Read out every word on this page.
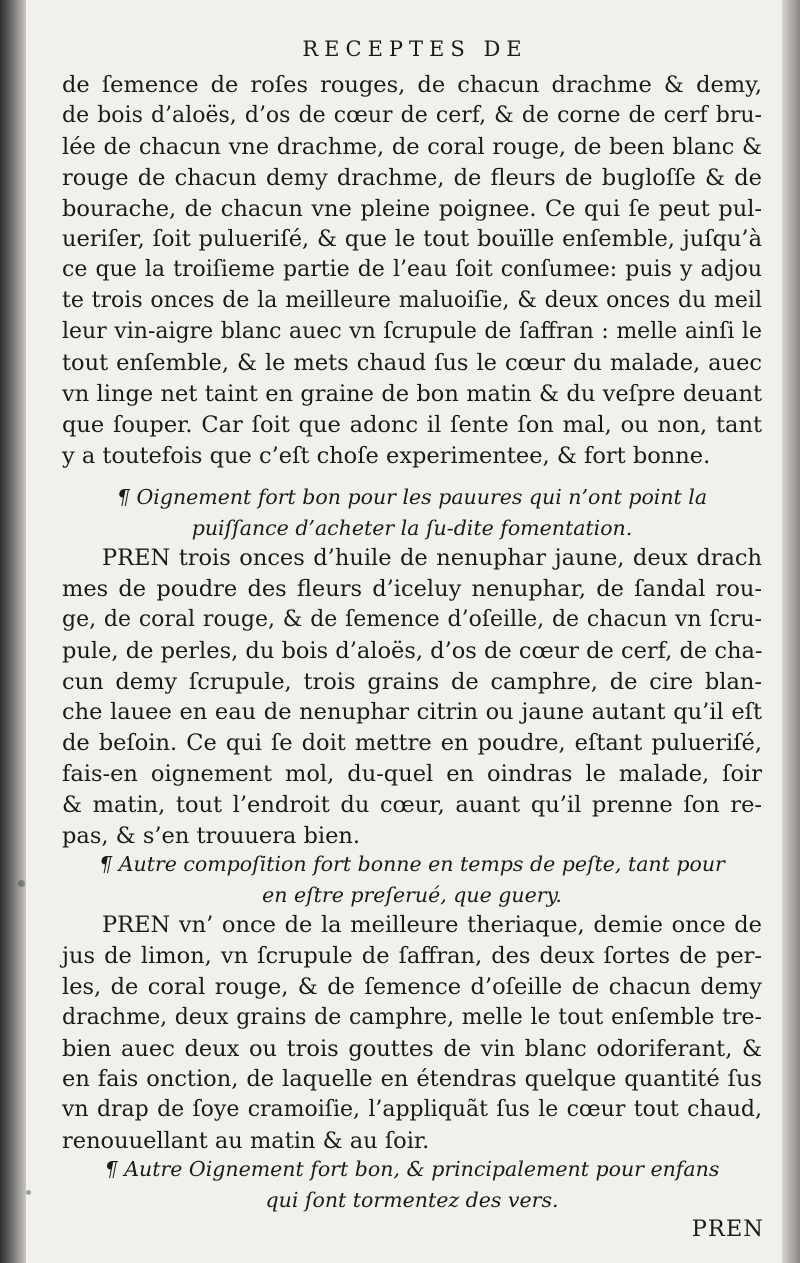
RECEPTES DE
de ſemence de roſes rouges, de chacun drachme & demy,
de bois d’aloës, d’os de cœur de cerf, & de corne de cerf bru-
lée de chacun vne drachme, de coral rouge, de been blanc &
rouge de chacun demy drachme, de fleurs de bugloſſe & de
bourache, de chacun vne pleine poignee. Ce qui ſe peut pul-
ueriſer, ſoit pulueriſé, & que le tout bouïlle enſemble, juſqu’à
ce que la troiſieme partie de l’eau ſoit conſumee: puis y adjou
te trois onces de la meilleure maluoiſie, & deux onces du meil
leur vin-aigre blanc auec vn ſcrupule de ſaffran : melle ainſi le
tout enſemble, & le mets chaud ſus le cœur du malade, auec
vn linge net taint en graine de bon matin & du veſpre deuant
que ſouper. Car ſoit que adonc il ſente ſon mal, ou non, tant
y a toutefois que c’eſt choſe experimentee, & fort bonne.
¶ Oignement fort bon pour les pauures qui n’ont point la
puiſſance d’acheter la ſu-dite fomentation.
PREN trois onces d’huile de nenuphar jaune, deux drach
mes de poudre des fleurs d’iceluy nenuphar, de ſandal rou-
ge, de coral rouge, & de ſemence d’oſeille, de chacun vn ſcru-
pule, de perles, du bois d’aloës, d’os de cœur de cerf, de cha-
cun demy ſcrupule, trois grains de camphre, de cire blan-
che lauee en eau de nenuphar citrin ou jaune autant qu’il eſt
de beſoin. Ce qui ſe doit mettre en poudre, eſtant pulueriſé,
fais-en oignement mol, du-quel en oindras le malade, ſoir
& matin, tout l’endroit du cœur, auant qu’il prenne ſon re-
pas, & s’en trouuera bien.
¶ Autre compoſition fort bonne en temps de peſte, tant pour
en eſtre preſerué, que guery.
PREN vn’ once de la meilleure theriaque, demie once de
jus de limon, vn ſcrupule de ſaffran, des deux ſortes de per-
les, de coral rouge, & de ſemence d’oſeille de chacun demy
drachme, deux grains de camphre, melle le tout enſemble tre-
bien auec deux ou trois gouttes de vin blanc odoriferant, &
en fais onction, de laquelle en étendras quelque quantité ſus
vn drap de ſoye cramoiſie, l’appliquãt ſus le cœur tout chaud,
renouuellant au matin & au ſoir.
¶ Autre Oignement fort bon, & principalement pour enfans
qui ſont tormentez des vers.
PREN
